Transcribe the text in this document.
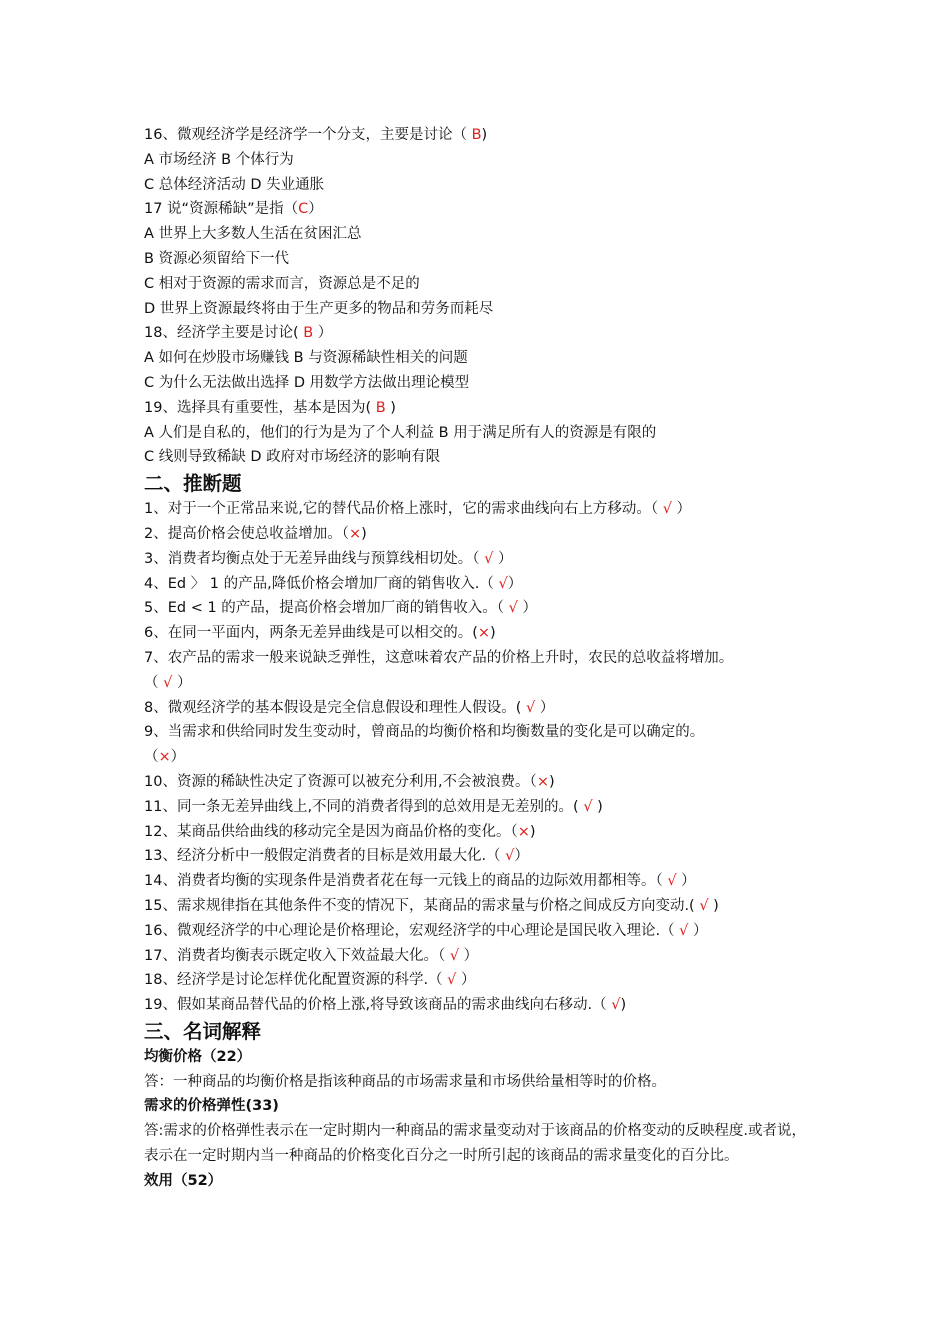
16、微观经济学是经济学一个分支，主要是讨论（ B)
A 市场经济 B 个体行为
C 总体经济活动 D 失业通胀
17 说“资源稀缺”是指（C）
A 世界上大多数人生活在贫困汇总
B 资源必须留给下一代
C 相对于资源的需求而言，资源总是不足的
D 世界上资源最终将由于生产更多的物品和劳务而耗尽
18、经济学主要是讨论( B ）
A 如何在炒股市场赚钱 B 与资源稀缺性相关的问题
C 为什么无法做出选择 D 用数学方法做出理论模型
19、选择具有重要性，基本是因为( B )
A 人们是自私的，他们的行为是为了个人利益 B 用于满足所有人的资源是有限的
C 线则导致稀缺 D 政府对市场经济的影响有限
二、推断题
1、对于一个正常品来说,它的替代品价格上涨时，它的需求曲线向右上方移动。（ √ ）
2、提高价格会使总收益增加。（×)
3、消费者均衡点处于无差异曲线与预算线相切处。（ √ ）
4、Ed 〉 1 的产品,降低价格会增加厂商的销售收入.（ √）
5、Ed < 1 的产品，提高价格会增加厂商的销售收入。（ √ ）
6、在同一平面内，两条无差异曲线是可以相交的。(×)
7、农产品的需求一般来说缺乏弹性，这意味着农产品的价格上升时，农民的总收益将增加。
（ √ ）
8、微观经济学的基本假设是完全信息假设和理性人假设。( √ ）
9、当需求和供给同时发生变动时，曾商品的均衡价格和均衡数量的变化是可以确定的。
（×）
10、资源的稀缺性决定了资源可以被充分利用,不会被浪费。（×)
11、同一条无差异曲线上,不同的消费者得到的总效用是无差别的。( √ )
12、某商品供给曲线的移动完全是因为商品价格的变化。（×)
13、经济分析中一般假定消费者的目标是效用最大化.（ √）
14、消费者均衡的实现条件是消费者花在每一元钱上的商品的边际效用都相等。（ √ ）
15、需求规律指在其他条件不变的情况下，某商品的需求量与价格之间成反方向变动.( √ )
16、微观经济学的中心理论是价格理论，宏观经济学的中心理论是国民收入理论.（ √ ）
17、消费者均衡表示既定收入下效益最大化。（ √ ）
18、经济学是讨论怎样优化配置资源的科学.（ √ ）
19、假如某商品替代品的价格上涨,将导致该商品的需求曲线向右移动.（ √)
三、名词解释
均衡价格（22）
答：一种商品的均衡价格是指该种商品的市场需求量和市场供给量相等时的价格。
需求的价格弹性(33)
答:需求的价格弹性表示在一定时期内一种商品的需求量变动对于该商品的价格变动的反映程度.或者说，表示在一定时期内当一种商品的价格变化百分之一时所引起的该商品的需求量变化的百分比。
效用（52）
